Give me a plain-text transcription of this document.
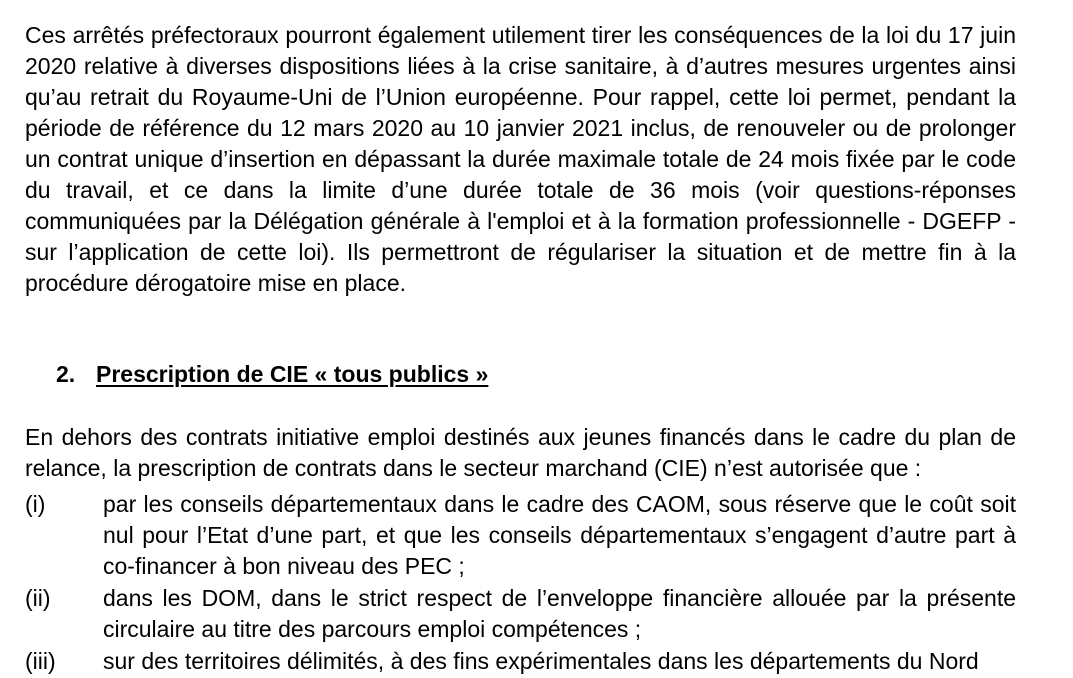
Ces arrêtés préfectoraux pourront également utilement tirer les conséquences de la loi du 17 juin 2020 relative à diverses dispositions liées à la crise sanitaire, à d’autres mesures urgentes ainsi qu’au retrait du Royaume-Uni de l’Union européenne. Pour rappel, cette loi permet, pendant la période de référence du 12 mars 2020 au 10 janvier 2021 inclus, de renouveler ou de prolonger un contrat unique d’insertion en dépassant la durée maximale totale de 24 mois fixée par le code du travail, et ce dans la limite d’une durée totale de 36 mois (voir questions-réponses communiquées par la Délégation générale à l'emploi et à la formation professionnelle - DGEFP - sur l’application de cette loi). Ils permettront de régulariser la situation et de mettre fin à la procédure dérogatoire mise en place.

2. Prescription de CIE « tous publics »

En dehors des contrats initiative emploi destinés aux jeunes financés dans le cadre du plan de relance, la prescription de contrats dans le secteur marchand (CIE) n’est autorisée que :

(i)	par les conseils départementaux dans le cadre des CAOM, sous réserve que le coût soit nul pour l’Etat d’une part, et que les conseils départementaux s’engagent d’autre part à co-financer à bon niveau des PEC ;
(ii)	dans les DOM, dans le strict respect de l’enveloppe financière allouée par la présente circulaire au titre des parcours emploi compétences ;
(iii)	sur des territoires délimités, à des fins expérimentales dans les départements du Nord
